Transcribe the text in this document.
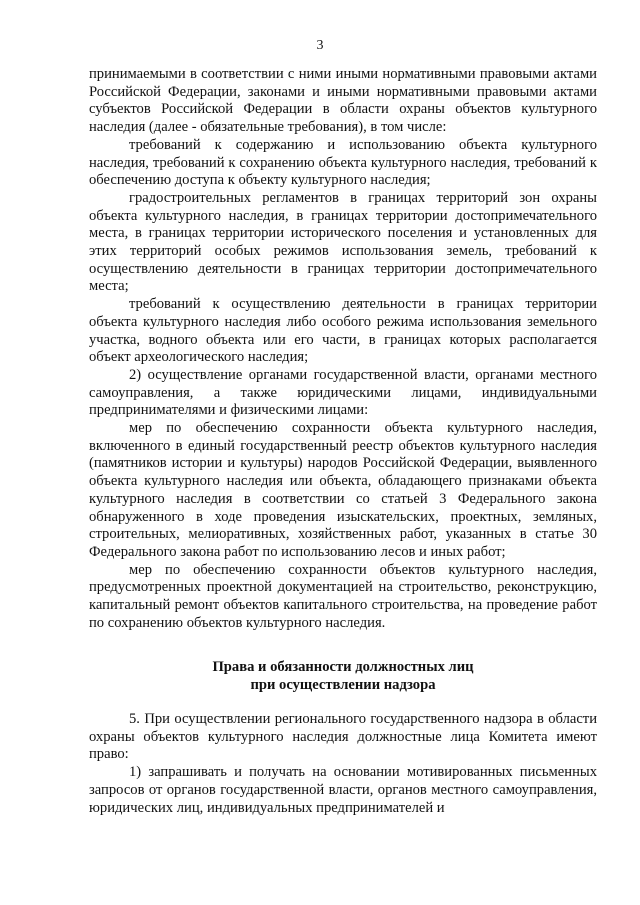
3

принимаемыми в соответствии с ними иными нормативными правовыми актами Российской Федерации, законами и иными нормативными правовыми актами субъектов Российской Федерации в области охраны объектов культурного наследия (далее - обязательные требования), в том числе:

требований к содержанию и использованию объекта культурного наследия, требований к сохранению объекта культурного наследия, требований к обеспечению доступа к объекту культурного наследия;

градостроительных регламентов в границах территорий зон охраны объекта культурного наследия, в границах территории достопримечательного места, в границах территории исторического поселения и установленных для этих территорий особых режимов использования земель, требований к осуществлению деятельности в границах территории достопримечательного места;

требований к осуществлению деятельности в границах территории объекта культурного наследия либо особого режима использования земельного участка, водного объекта или его части, в границах которых располагается объект археологического наследия;

2) осуществление органами государственной власти, органами местного самоуправления, а также юридическими лицами, индивидуальными предпринимателями и физическими лицами:

мер по обеспечению сохранности объекта культурного наследия, включенного в единый государственный реестр объектов культурного наследия (памятников истории и культуры) народов Российской Федерации, выявленного объекта культурного наследия или объекта, обладающего признаками объекта культурного наследия в соответствии со статьей 3 Федерального закона обнаруженного в ходе проведения изыскательских, проектных, земляных, строительных, мелиоративных, хозяйственных работ, указанных в статье 30 Федерального закона работ по использованию лесов и иных работ;

мер по обеспечению сохранности объектов культурного наследия, предусмотренных проектной документацией на строительство, реконструкцию, капитальный ремонт объектов капитального строительства, на проведение работ по сохранению объектов культурного наследия.

Права и обязанности должностных лиц
при осуществлении надзора

5. При осуществлении регионального государственного надзора в области охраны объектов культурного наследия должностные лица Комитета имеют право:

1) запрашивать и получать на основании мотивированных письменных запросов от органов государственной власти, органов местного самоуправления, юридических лиц, индивидуальных предпринимателей и
